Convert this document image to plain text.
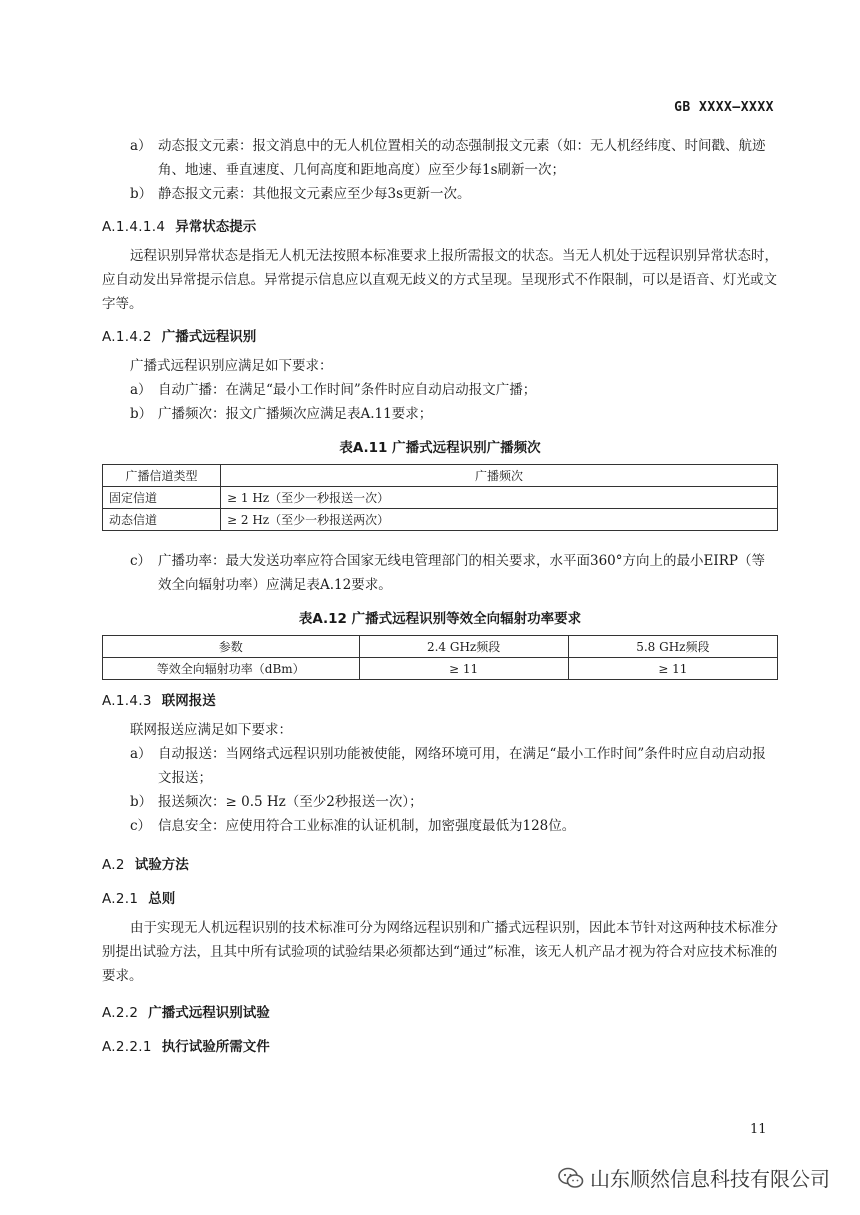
GB XXXX—XXXX
a） 动态报文元素：报文消息中的无人机位置相关的动态强制报文元素（如：无人机经纬度、时间戳、航迹角、地速、垂直速度、几何高度和距地高度）应至少每1s刷新一次；
b） 静态报文元素：其他报文元素应至少每3s更新一次。
A.1.4.1.4 异常状态提示

远程识别异常状态是指无人机无法按照本标准要求上报所需报文的状态。当无人机处于远程识别异常状态时，应自动发出异常提示信息。异常提示信息应以直观无歧义的方式呈现。呈现形式不作限制，可以是语音、灯光或文字等。

A.1.4.2 广播式远程识别

广播式远程识别应满足如下要求：

a） 自动广播：在满足“最小工作时间”条件时应自动启动报文广播；
b） 广播频次：报文广播频次应满足表A.11要求；
表A.11 广播式远程识别广播频次
广播信道类型	广播频次
固定信道	≥ 1 Hz（至少一秒报送一次）
动态信道	≥ 2 Hz（至少一秒报送两次）
c） 广播功率：最大发送功率应符合国家无线电管理部门的相关要求，水平面360°方向上的最小EIRP（等效全向辐射功率）应满足表A.12要求。
表A.12 广播式远程识别等效全向辐射功率要求
参数	2.4 GHz频段	5.8 GHz频段
等效全向辐射功率（dBm）	≥ 11	≥ 11
A.1.4.3 联网报送

联网报送应满足如下要求：

a） 自动报送：当网络式远程识别功能被使能，网络环境可用，在满足“最小工作时间”条件时应自动启动报文报送；
b） 报送频次：≥ 0.5 Hz（至少2秒报送一次）；
c） 信息安全：应使用符合工业标准的认证机制，加密强度最低为128位。
A.2 试验方法
A.2.1 总则

由于实现无人机远程识别的技术标准可分为网络远程识别和广播式远程识别，因此本节针对这两种技术标准分别提出试验方法，且其中所有试验项的试验结果必须都达到“通过”标准，该无人机产品才视为符合对应技术标准的要求。

A.2.2 广播式远程识别试验
A.2.2.1 执行试验所需文件
11
山东顺然信息科技有限公司
